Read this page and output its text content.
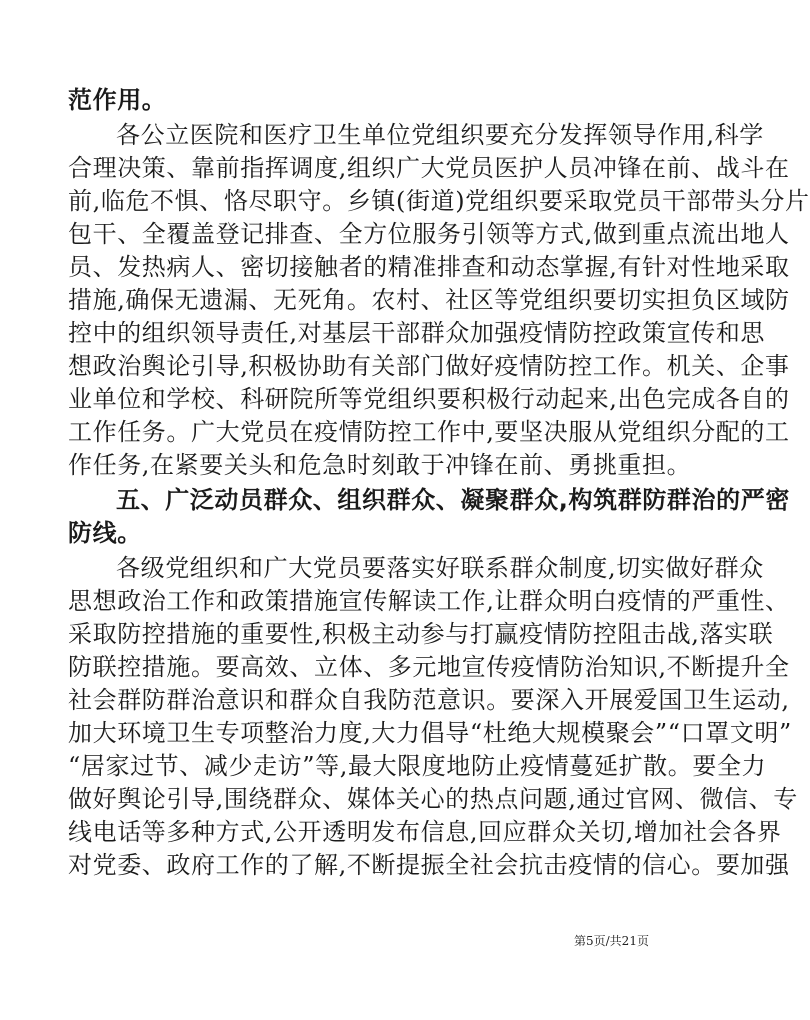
范作用。
各公立医院和医疗卫生单位党组织要充分发挥领导作用,科学
合理决策、靠前指挥调度,组织广大党员医护人员冲锋在前、战斗在
前,临危不惧、恪尽职守。乡镇(街道)党组织要采取党员干部带头分片
包干、全覆盖登记排查、全方位服务引领等方式,做到重点流出地人
员、发热病人、密切接触者的精准排查和动态掌握,有针对性地采取
措施,确保无遗漏、无死角。农村、社区等党组织要切实担负区域防
控中的组织领导责任,对基层干部群众加强疫情防控政策宣传和思
想政治舆论引导,积极协助有关部门做好疫情防控工作。机关、企事
业单位和学校、科研院所等党组织要积极行动起来,出色完成各自的
工作任务。广大党员在疫情防控工作中,要坚决服从党组织分配的工
作任务,在紧要关头和危急时刻敢于冲锋在前、勇挑重担。
五、广泛动员群众、组织群众、凝聚群众,构筑群防群治的严密
防线。
各级党组织和广大党员要落实好联系群众制度,切实做好群众
思想政治工作和政策措施宣传解读工作,让群众明白疫情的严重性、
采取防控措施的重要性,积极主动参与打赢疫情防控阻击战,落实联
防联控措施。要高效、立体、多元地宣传疫情防治知识,不断提升全
社会群防群治意识和群众自我防范意识。要深入开展爱国卫生运动,
加大环境卫生专项整治力度,大力倡导“杜绝大规模聚会”“口罩文明”
“居家过节、减少走访”等,最大限度地防止疫情蔓延扩散。要全力
做好舆论引导,围绕群众、媒体关心的热点问题,通过官网、微信、专
线电话等多种方式,公开透明发布信息,回应群众关切,增加社会各界
对党委、政府工作的了解,不断提振全社会抗击疫情的信心。要加强
第5页/共21页
